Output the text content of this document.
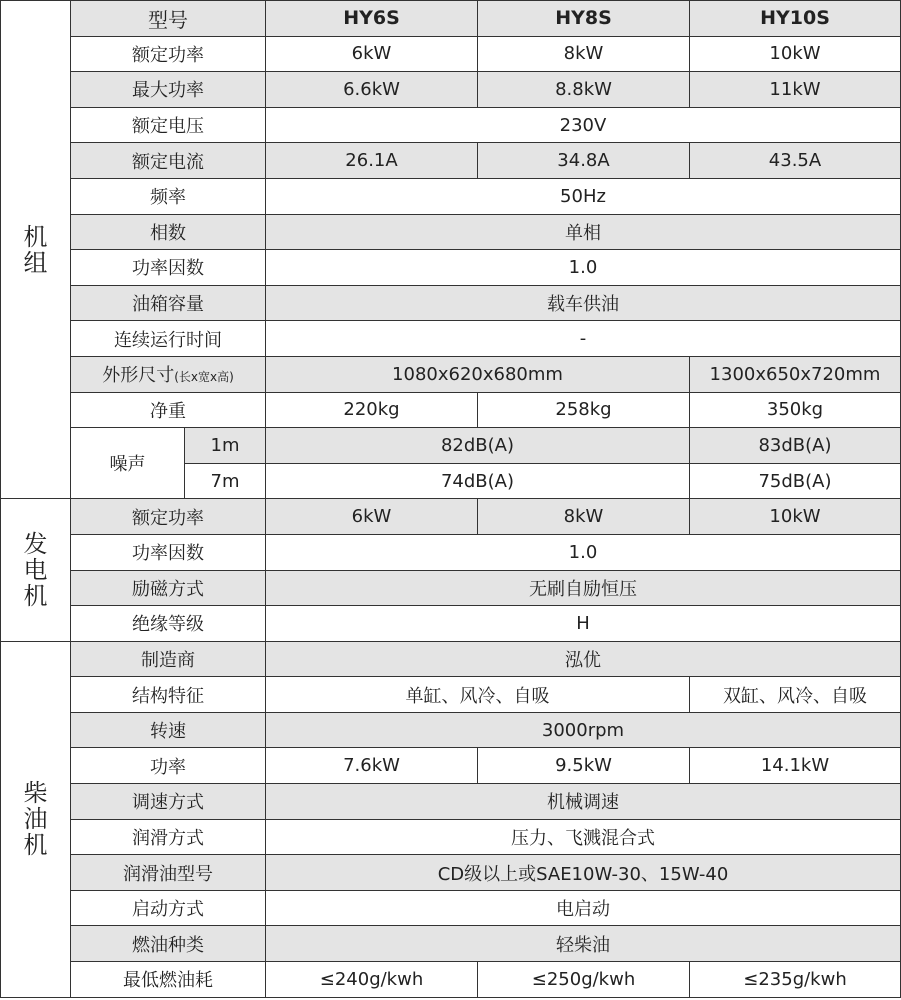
机组	型号		HY6S	HY8S	HY10S
	额定功率		6kW	8kW	10kW
	最大功率		6.6kW	8.8kW	11kW
	额定电压		230V		
	额定电流		26.1A	34.8A	43.5A
	频率		50Hz		
	相数		单相		
	功率因数		1.0		
	油箱容量		载车供油		
	连续运行时间		-		
	外形尺寸(长x宽x高)		1080x620x680mm		1300x650x720mm
	净重		220kg	258kg	350kg
	噪声	1m	82dB(A)		83dB(A)
		7m	74dB(A)		75dB(A)
发电机	额定功率		6kW	8kW	10kW
	功率因数		1.0		
	励磁方式		无刷自励恒压		
	绝缘等级		H		
柴油机	制造商		泓优		
	结构特征		单缸、风冷、自吸		双缸、风冷、自吸
	转速		3000rpm		
	功率		7.6kW	9.5kW	14.1kW
	调速方式		机械调速		
	润滑方式		压力、飞溅混合式		
	润滑油型号		CD级以上或SAE10W-30、15W-40		
	启动方式		电启动		
	燃油种类		轻柴油		
	最低燃油耗		≤240g/kwh	≤250g/kwh	≤235g/kwh
